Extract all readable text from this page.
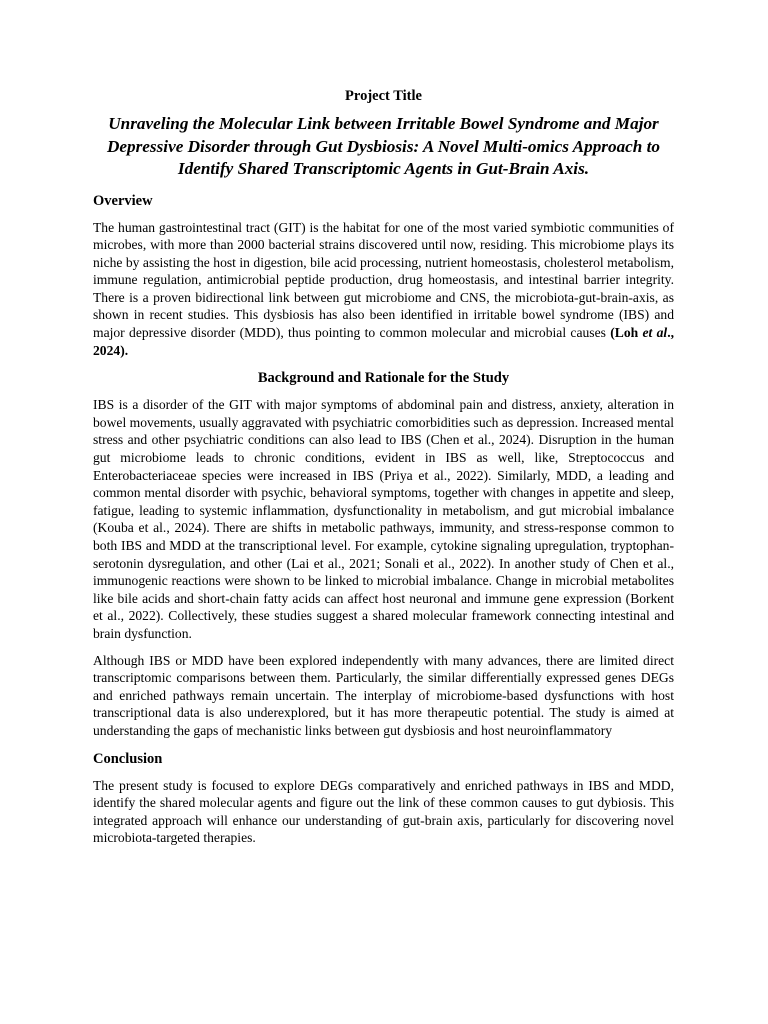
Project Title
Unraveling the Molecular Link between Irritable Bowel Syndrome and Major Depressive Disorder through Gut Dysbiosis: A Novel Multi-omics Approach to Identify Shared Transcriptomic Agents in Gut-Brain Axis.
Overview

The human gastrointestinal tract (GIT) is the habitat for one of the most varied symbiotic communities of microbes, with more than 2000 bacterial strains discovered until now, residing. This microbiome plays its niche by assisting the host in digestion, bile acid processing, nutrient homeostasis, cholesterol metabolism, immune regulation, antimicrobial peptide production, drug homeostasis, and intestinal barrier integrity. There is a proven bidirectional link between gut microbiome and CNS, the microbiota-gut-brain-axis, as shown in recent studies. This dysbiosis has also been identified in irritable bowel syndrome (IBS) and major depressive disorder (MDD), thus pointing to common molecular and microbial causes (Loh et al., 2024).

Background and Rationale for the Study

IBS is a disorder of the GIT with major symptoms of abdominal pain and distress, anxiety, alteration in bowel movements, usually aggravated with psychiatric comorbidities such as depression. Increased mental stress and other psychiatric conditions can also lead to IBS (Chen et al., 2024). Disruption in the human gut microbiome leads to chronic conditions, evident in IBS as well, like, Streptococcus and Enterobacteriaceae species were increased in IBS (Priya et al., 2022). Similarly, MDD, a leading and common mental disorder with psychic, behavioral symptoms, together with changes in appetite and sleep, fatigue, leading to systemic inflammation, dysfunctionality in metabolism, and gut microbial imbalance (Kouba et al., 2024). There are shifts in metabolic pathways, immunity, and stress-response common to both IBS and MDD at the transcriptional level. For example, cytokine signaling upregulation, tryptophan-serotonin dysregulation, and other (Lai et al., 2021; Sonali et al., 2022). In another study of Chen et al., immunogenic reactions were shown to be linked to microbial imbalance. Change in microbial metabolites like bile acids and short-chain fatty acids can affect host neuronal and immune gene expression (Borkent et al., 2022). Collectively, these studies suggest a shared molecular framework connecting intestinal and brain dysfunction.

Although IBS or MDD have been explored independently with many advances, there are limited direct transcriptomic comparisons between them. Particularly, the similar differentially expressed genes DEGs and enriched pathways remain uncertain. The interplay of microbiome-based dysfunctions with host transcriptional data is also underexplored, but it has more therapeutic potential. The study is aimed at understanding the gaps of mechanistic links between gut dysbiosis and host neuroinflammatory

Conclusion

The present study is focused to explore DEGs comparatively and enriched pathways in IBS and MDD, identify the shared molecular agents and figure out the link of these common causes to gut dybiosis. This integrated approach will enhance our understanding of gut-brain axis, particularly for discovering novel microbiota-targeted therapies.
